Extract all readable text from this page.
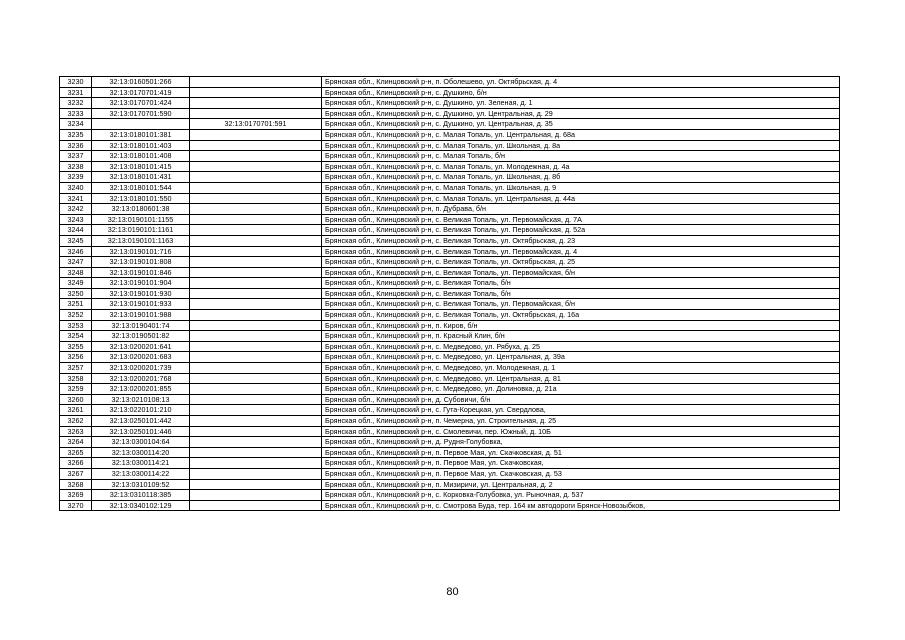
3230	32:13:0160501:266		Брянская обл., Клинцовский р-н, п. Оболешево, ул. Октябрьская, д. 4
3231	32:13:0170701:419		Брянская обл., Клинцовский р-н, с. Душкино, б/н
3232	32:13:0170701:424		Брянская обл., Клинцовский р-н, с. Душкино, ул. Зеленая, д. 1
3233	32:13:0170701:590		Брянская обл., Клинцовский р-н, с. Душкино, ул. Центральная, д. 29
3234		32:13:0170701:591	Брянская обл., Клинцовский р-н, с. Душкино, ул. Центральная, д. 35
3235	32:13:0180101:381		Брянская обл., Клинцовский р-н, с. Малая Топаль, ул. Центральная, д. 68а
3236	32:13:0180101:403		Брянская обл., Клинцовский р-н, с. Малая Топаль, ул. Школьная, д. 8а
3237	32:13:0180101:408		Брянская обл., Клинцовский р-н, с. Малая Топаль, б/н
3238	32:13:0180101:415		Брянская обл., Клинцовский р-н, с. Малая Топаль, ул. Молодежная, д. 4а
3239	32:13:0180101:431		Брянская обл., Клинцовский р-н, с. Малая Топаль, ул. Школьная, д. 8б
3240	32:13:0180101:544		Брянская обл., Клинцовский р-н, с. Малая Топаль, ул. Школьная, д. 9
3241	32:13:0180101:550		Брянская обл., Клинцовский р-н, с. Малая Топаль, ул. Центральная, д. 44а
3242	32:13:0180601:38		Брянская обл., Клинцовский р-н, п. Дубрава, б/н
3243	32:13:0190101:1155		Брянская обл., Клинцовский р-н, с. Великая Топаль, ул. Первомайская, д. 7А
3244	32:13:0190101:1161		Брянская обл., Клинцовский р-н, с. Великая Топаль, ул. Первомайская, д. 52а
3245	32:13:0190101:1163		Брянская обл., Клинцовский р-н, с. Великая Топаль, ул. Октябрьская, д. 23
3246	32:13:0190101:716		Брянская обл., Клинцовский р-н, с. Великая Топаль, ул. Первомайская, д. 4
3247	32:13:0190101:808		Брянская обл., Клинцовский р-н, с. Великая Топаль, ул. Октябрьская, д. 25
3248	32:13:0190101:846		Брянская обл., Клинцовский р-н, с. Великая Топаль, ул. Первомайская, б/н
3249	32:13:0190101:904		Брянская обл., Клинцовский р-н, с. Великая Топаль, б/н
3250	32:13:0190101:930		Брянская обл., Клинцовский р-н, с. Великая Топаль, б/н
3251	32:13:0190101:933		Брянская обл., Клинцовский р-н, с. Великая Топаль, ул. Первомайская, б/н
3252	32:13:0190101:988		Брянская обл., Клинцовский р-н, с. Великая Топаль, ул. Октябрьская, д. 16а
3253	32:13:0190401:74		Брянская обл., Клинцовский р-н, п. Киров, б/н
3254	32:13:0190501:82		Брянская обл., Клинцовский р-н, п. Красный Клин, б/н
3255	32:13:0200201:641		Брянская обл., Клинцовский р-н, с. Медведово, ул. Рябуха, д. 25
3256	32:13:0200201:683		Брянская обл., Клинцовский р-н, с. Медведово, ул. Центральная, д. 39а
3257	32:13:0200201:739		Брянская обл., Клинцовский р-н, с. Медведово, ул. Молодежная, д. 1
3258	32:13:0200201:768		Брянская обл., Клинцовский р-н, с. Медведово, ул. Центральная, д. 81
3259	32:13:0200201:855		Брянская обл., Клинцовский р-н, с. Медведово, ул. Долиновка, д. 21а
3260	32:13:0210108:13		Брянская обл., Клинцовский р-н, д. Субовичи, б/н
3261	32:13:0220101:210		Брянская обл., Клинцовский р-н, с. Гута-Корецкая, ул. Свердлова,
3262	32:13:0250101:442		Брянская обл., Клинцовский р-н, п. Чемерна, ул. Строительная, д. 25
3263	32:13:0250101:446		Брянская обл., Клинцовский р-н, с. Смолевичи, пер. Южный, д. 10Б
3264	32:13:0300104:64		Брянская обл., Клинцовский р-н, д. Рудня-Голубовка,
3265	32:13:0300114:20		Брянская обл., Клинцовский р-н, п. Первое Мая, ул. Скачковская, д. 51
3266	32:13:0300114:21		Брянская обл., Клинцовский р-н, п. Первое Мая, ул. Скачковская,
3267	32:13:0300114:22		Брянская обл., Клинцовский р-н, п. Первое Мая, ул. Скачковская, д. 53
3268	32:13:0310109:52		Брянская обл., Клинцовский р-н, п. Мизиричи, ул. Центральная, д. 2
3269	32:13:0310118:385		Брянская обл., Клинцовский р-н, с. Корковка-Голубовка, ул. Рыночная, д. 537
3270	32:13:0340102:129		Брянская обл., Клинцовский р-н, с. Смотрова Буда, тер. 164 км автодороги Брянск-Новозыбков,
80
